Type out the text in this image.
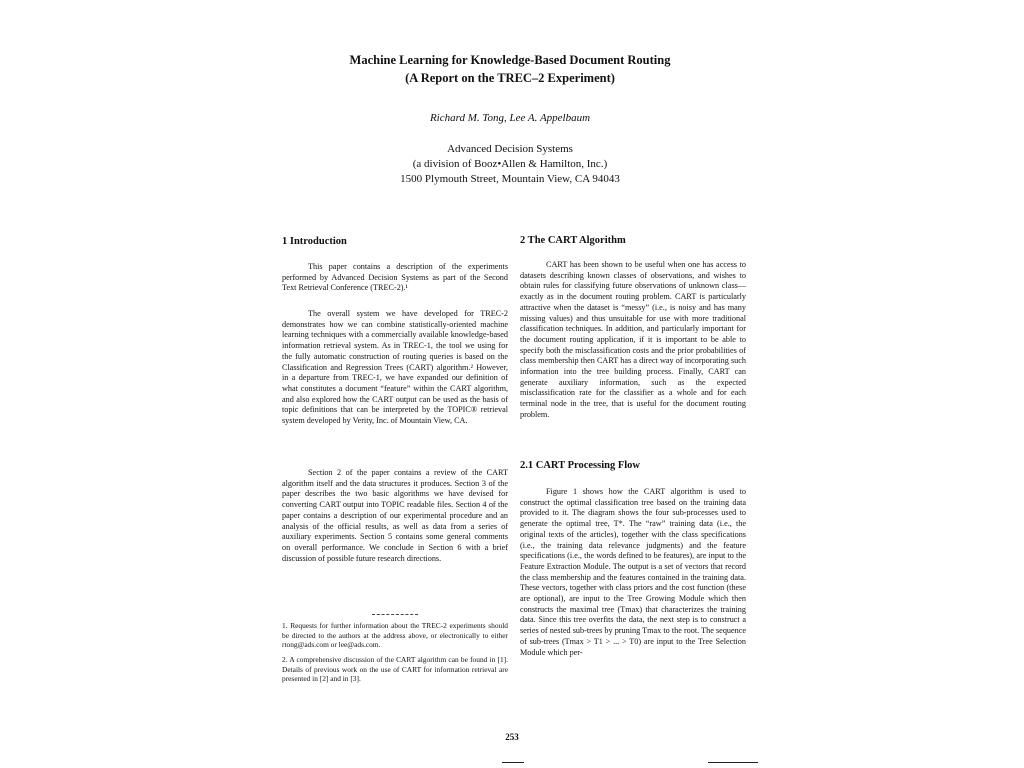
Machine Learning for Knowledge-Based Document Routing
(A Report on the TREC–2 Experiment)
Richard M. Tong, Lee A. Appelbaum
Advanced Decision Systems
(a division of Booz•Allen & Hamilton, Inc.)
1500 Plymouth Street, Mountain View, CA 94043
1 Introduction

This paper contains a description of the experiments performed by Advanced Decision Systems as part of the Second Text Retrieval Conference (TREC-2).¹

The overall system we have developed for TREC-2 demonstrates how we can combine statistically-oriented machine learning techniques with a commercially available knowledge-based information retrieval system. As in TREC-1, the tool we using for the fully automatic construction of routing queries is based on the Classification and Regression Trees (CART) algorithm.² However, in a departure from TREC-1, we have expanded our definition of what constitutes a document “feature” within the CART algorithm, and also explored how the CART output can be used as the basis of topic definitions that can be interpreted by the TOPIC® retrieval system developed by Verity, Inc. of Mountain View, CA.

Section 2 of the paper contains a review of the CART algorithm itself and the data structures it produces. Section 3 of the paper describes the two basic algorithms we have devised for converting CART output into TOPIC readable files. Section 4 of the paper contains a description of our experimental procedure and an analysis of the official results, as well as data from a series of auxiliary experiments. Section 5 contains some general comments on overall performance. We conclude in Section 6 with a brief discussion of possible future research directions.

1. Requests for further information about the TREC-2 experiments should be directed to the authors at the address above, or electronically to either rtong@ads.com or lee@ads.com.
2. A comprehensive discussion of the CART algorithm can be found in [1]. Details of previous work on the use of CART for information retrieval are presented in [2] and in [3].
2 The CART Algorithm

CART has been shown to be useful when one has access to datasets describing known classes of observations, and wishes to obtain rules for classifying future observations of unknown class—exactly as in the document routing problem. CART is particularly attractive when the dataset is “messy” (i.e., is noisy and has many missing values) and thus unsuitable for use with more traditional classification techniques. In addition, and particularly important for the document routing application, if it is important to be able to specify both the misclassification costs and the prior probabilities of class membership then CART has a direct way of incorporating such information into the tree building process. Finally, CART can generate auxiliary information, such as the expected misclassification rate for the classifier as a whole and for each terminal node in the tree, that is useful for the document routing problem.

2.1 CART Processing Flow

Figure 1 shows how the CART algorithm is used to construct the optimal classification tree based on the training data provided to it. The diagram shows the four sub-processes used to generate the optimal tree, T*. The “raw” training data (i.e., the original texts of the articles), together with the class specifications (i.e., the training data relevance judgments) and the feature specifications (i.e., the words defined to be features), are input to the Feature Extraction Module. The output is a set of vectors that record the class membership and the features contained in the training data. These vectors, together with class priors and the cost function (these are optional), are input to the Tree Growing Module which then constructs the maximal tree (Tmax) that characterizes the training data. Since this tree overfits the data, the next step is to construct a series of nested sub-trees by pruning Tmax to the root. The sequence of sub-trees (Tmax > T1 > ... > T0) are input to the Tree Selection Module which per-

253
